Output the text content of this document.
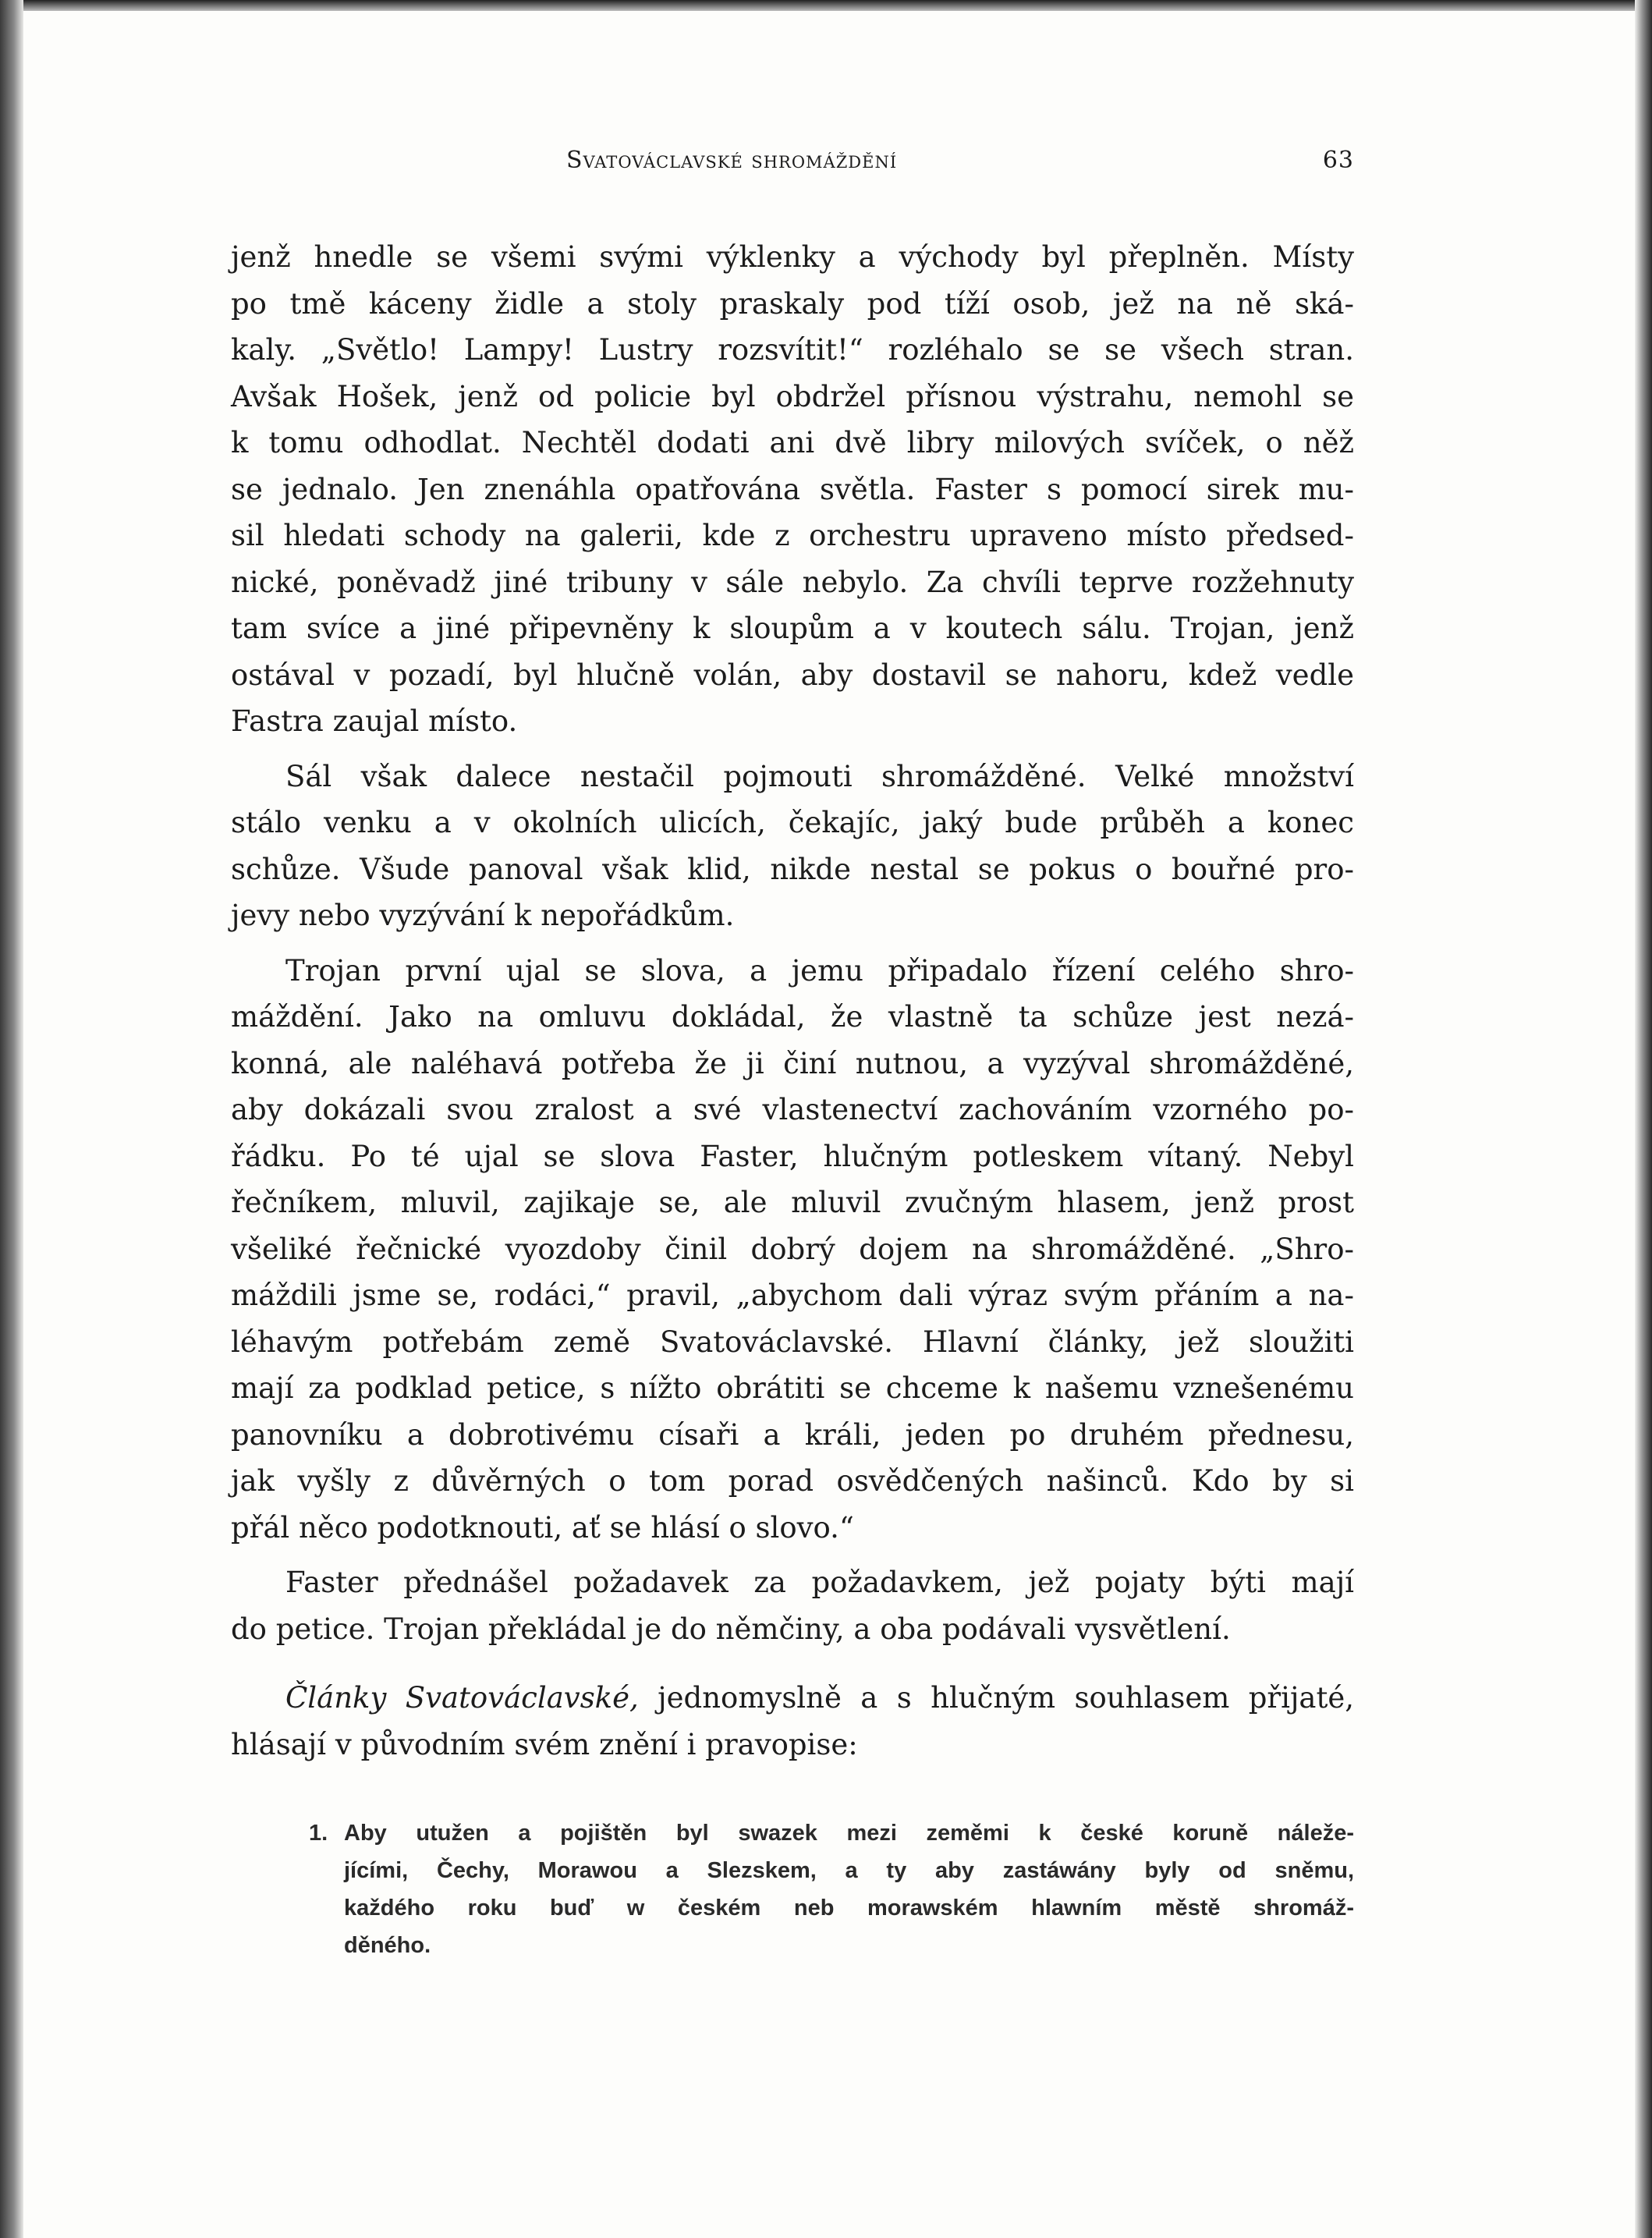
Svatováclavské shromáždění	63
jenž hnedle se všemi svými výklenky a východy byl přeplněn. Místy
po tmě káceny židle a stoly praskaly pod tíží osob, jež na ně ská-
kaly. „Světlo! Lampy! Lustry rozsvítit!“ rozléhalo se se všech stran.
Avšak Hošek, jenž od policie byl obdržel přísnou výstrahu, nemohl se
k tomu odhodlat. Nechtěl dodati ani dvě libry milových svíček, o něž
se jednalo. Jen znenáhla opatřována světla. Faster s pomocí sirek mu-
sil hledati schody na galerii, kde z orchestru upraveno místo předsed-
nické, poněvadž jiné tribuny v sále nebylo. Za chvíli teprve rozžehnuty
tam svíce a jiné připevněny k sloupům a v koutech sálu. Trojan, jenž
ostával v pozadí, byl hlučně volán, aby dostavil se nahoru, kdež vedle
Fastra zaujal místo.
Sál však dalece nestačil pojmouti shromážděné. Velké množství
stálo venku a v okolních ulicích, čekajíc, jaký bude průběh a konec
schůze. Všude panoval však klid, nikde nestal se pokus o bouřné pro-
jevy nebo vyzývání k nepořádkům.
Trojan první ujal se slova, a jemu připadalo řízení celého shro-
máždění. Jako na omluvu dokládal, že vlastně ta schůze jest nezá-
konná, ale naléhavá potřeba že ji činí nutnou, a vyzýval shromážděné,
aby dokázali svou zralost a své vlastenectví zachováním vzorného po-
řádku. Po té ujal se slova Faster, hlučným potleskem vítaný. Nebyl
řečníkem, mluvil, zajikaje se, ale mluvil zvučným hlasem, jenž prost
všeliké řečnické vyozdoby činil dobrý dojem na shromážděné. „Shro-
máždili jsme se, rodáci,“ pravil, „abychom dali výraz svým přáním a na-
léhavým potřebám země Svatováclavské. Hlavní články, jež sloužiti
mají za podklad petice, s nížto obrátiti se chceme k našemu vznešenému
panovníku a dobrotivému císaři a králi, jeden po druhém přednesu,
jak vyšly z důvěrných o tom porad osvědčených našinců. Kdo by si
přál něco podotknouti, ať se hlásí o slovo.“
Faster přednášel požadavek za požadavkem, jež pojaty býti mají
do petice. Trojan překládal je do němčiny, a oba podávali vysvětlení.
Články Svatováclavské, jednomyslně a s hlučným souhlasem přijaté,
hlásají v původním svém znění i pravopise:
1. Aby utužen a pojištěn byl swazek mezi zeměmi k české koruně náleže-
jícími, Čechy, Morawou a Slezskem, a ty aby zastáwány byly od sněmu,
každého roku buď w českém neb morawském hlawním městě shromáž-
děného.
